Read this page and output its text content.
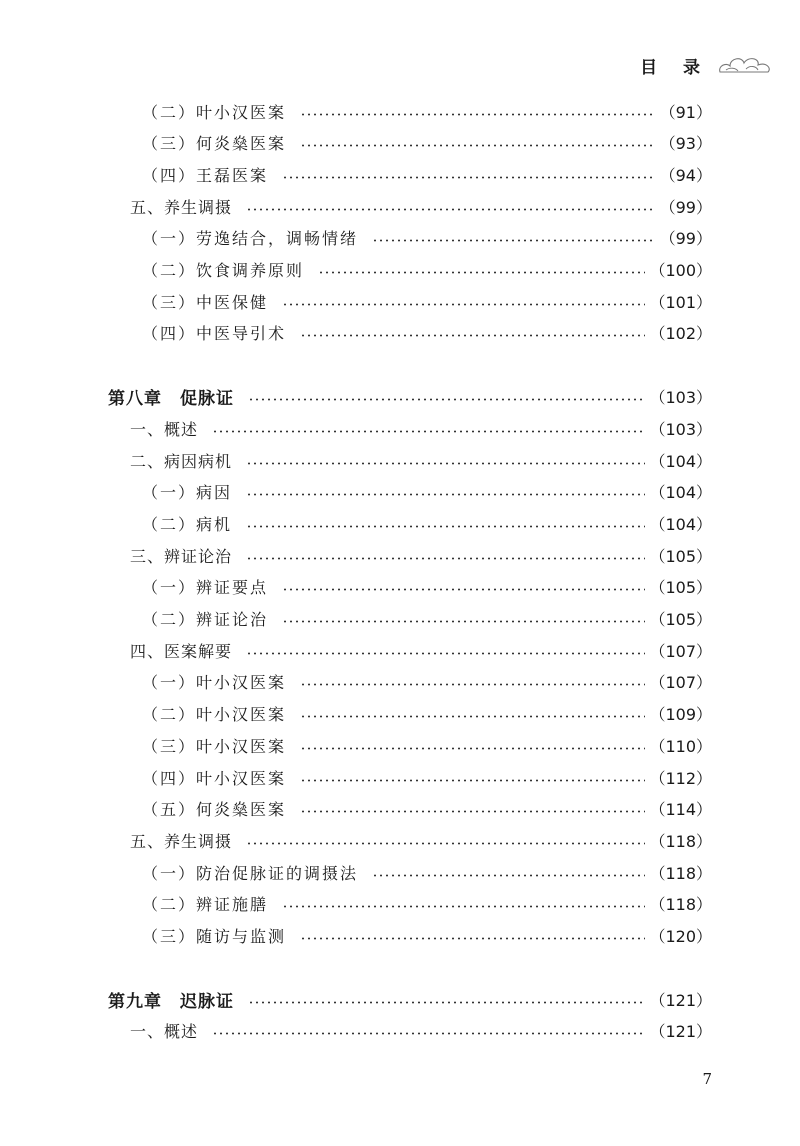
目 录
（二）叶小汉医案	（91）
（三）何炎燊医案	（93）
（四）王磊医案	（94）
五、养生调摄	（99）
（一）劳逸结合，调畅情绪	（99）
（二）饮食调养原则	（100）
（三）中医保健	（101）
（四）中医导引术	（102）
第八章　促脉证	（103）
一、概述	（103）
二、病因病机	（104）
（一）病因	（104）
（二）病机	（104）
三、辨证论治	（105）
（一）辨证要点	（105）
（二）辨证论治	（105）
四、医案解要	（107）
（一）叶小汉医案	（107）
（二）叶小汉医案	（109）
（三）叶小汉医案	（110）
（四）叶小汉医案	（112）
（五）何炎燊医案	（114）
五、养生调摄	（118）
（一）防治促脉证的调摄法	（118）
（二）辨证施膳	（118）
（三）随访与监测	（120）
第九章　迟脉证	（121）
一、概述	（121）
7
